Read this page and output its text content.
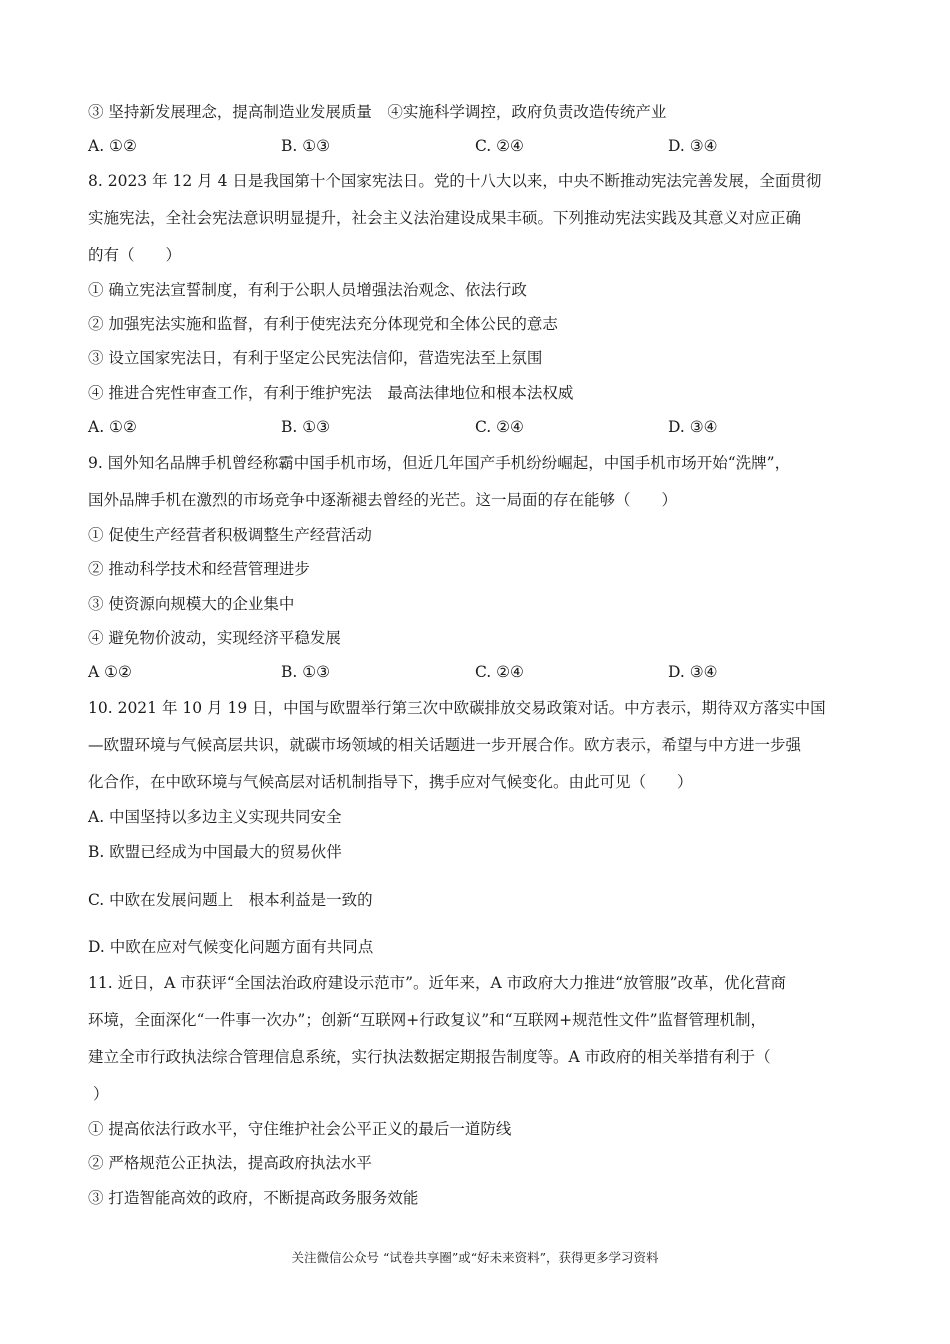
③ 坚持新发展理念，提高制造业发展质量　④实施科学调控，政府负责改造传统产业
A. ①②	B. ①③	C. ②④	D. ③④
8. 2023 年 12 月 4 日是我国第十个国家宪法日。党的十八大以来，中央不断推动宪法完善发展，全面贯彻
实施宪法，全社会宪法意识明显提升，社会主义法治建设成果丰硕。下列推动宪法实践及其意义对应正确
的有（　　）
① 确立宪法宣誓制度，有利于公职人员增强法治观念、依法行政
② 加强宪法实施和监督，有利于使宪法充分体现党和全体公民的意志
③ 设立国家宪法日，有利于坚定公民宪法信仰，营造宪法至上氛围
④ 推进合宪性审查工作，有利于维护宪法　最高法律地位和根本法权威
A. ①②	B. ①③	C. ②④	D. ③④
9. 国外知名品牌手机曾经称霸中国手机市场，但近几年国产手机纷纷崛起，中国手机市场开始“洗牌”，
国外品牌手机在激烈的市场竞争中逐渐褪去曾经的光芒。这一局面的存在能够（　　）
① 促使生产经营者积极调整生产经营活动
② 推动科学技术和经营管理进步
③ 使资源向规模大的企业集中
④ 避免物价波动，实现经济平稳发展
A ①②	B. ①③	C. ②④	D. ③④
10. 2021 年 10 月 19 日，中国与欧盟举行第三次中欧碳排放交易政策对话。中方表示，期待双方落实中国
—欧盟环境与气候高层共识，就碳市场领域的相关话题进一步开展合作。欧方表示，希望与中方进一步强
化合作，在中欧环境与气候高层对话机制指导下，携手应对气候变化。由此可见（　　）
A. 中国坚持以多边主义实现共同安全
B. 欧盟已经成为中国最大的贸易伙伴
C. 中欧在发展问题上　根本利益是一致的
D. 中欧在应对气候变化问题方面有共同点
11. 近日，A 市获评“全国法治政府建设示范市”。近年来，A 市政府大力推进“放管服”改革，优化营商
环境，全面深化“一件事一次办”；创新“互联网+行政复议”和“互联网+规范性文件”监督管理机制，
建立全市行政执法综合管理信息系统，实行执法数据定期报告制度等。A 市政府的相关举措有利于（
）
① 提高依法行政水平，守住维护社会公平正义的最后一道防线
② 严格规范公正执法，提高政府执法水平
③ 打造智能高效的政府，不断提高政务服务效能
关注微信公众号 “试卷共享圈”或“好未来资料”，获得更多学习资料
